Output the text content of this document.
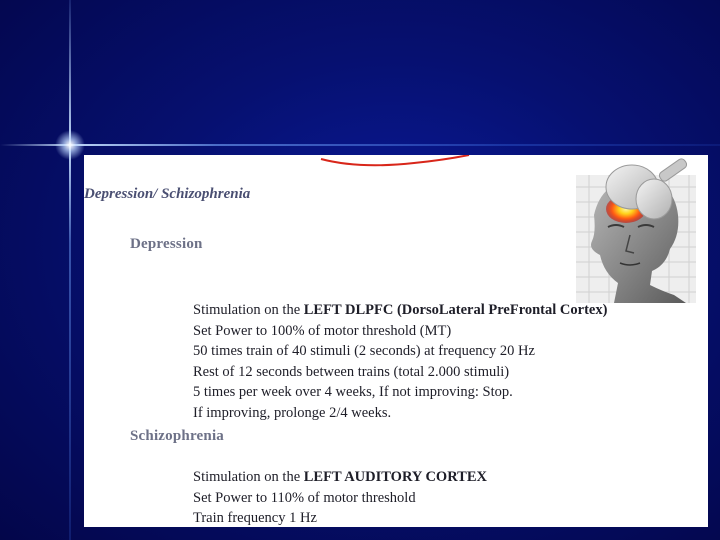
Depression/ Schizophrenia
Depression
Stimulation on the LEFT DLPFC (DorsoLateral PreFrontal Cortex)
Set Power to 100% of motor threshold (MT)
50 times train of 40 stimuli (2 seconds) at frequency 20 Hz
Rest of 12 seconds between trains (total 2.000 stimuli)
5 times per week over 4 weeks, If not improving: Stop.
If improving, prolonge 2/4 weeks.
Schizophrenia
Stimulation on the LEFT AUDITORY CORTEX
Set Power to 110% of motor threshold
Train frequency 1 Hz
